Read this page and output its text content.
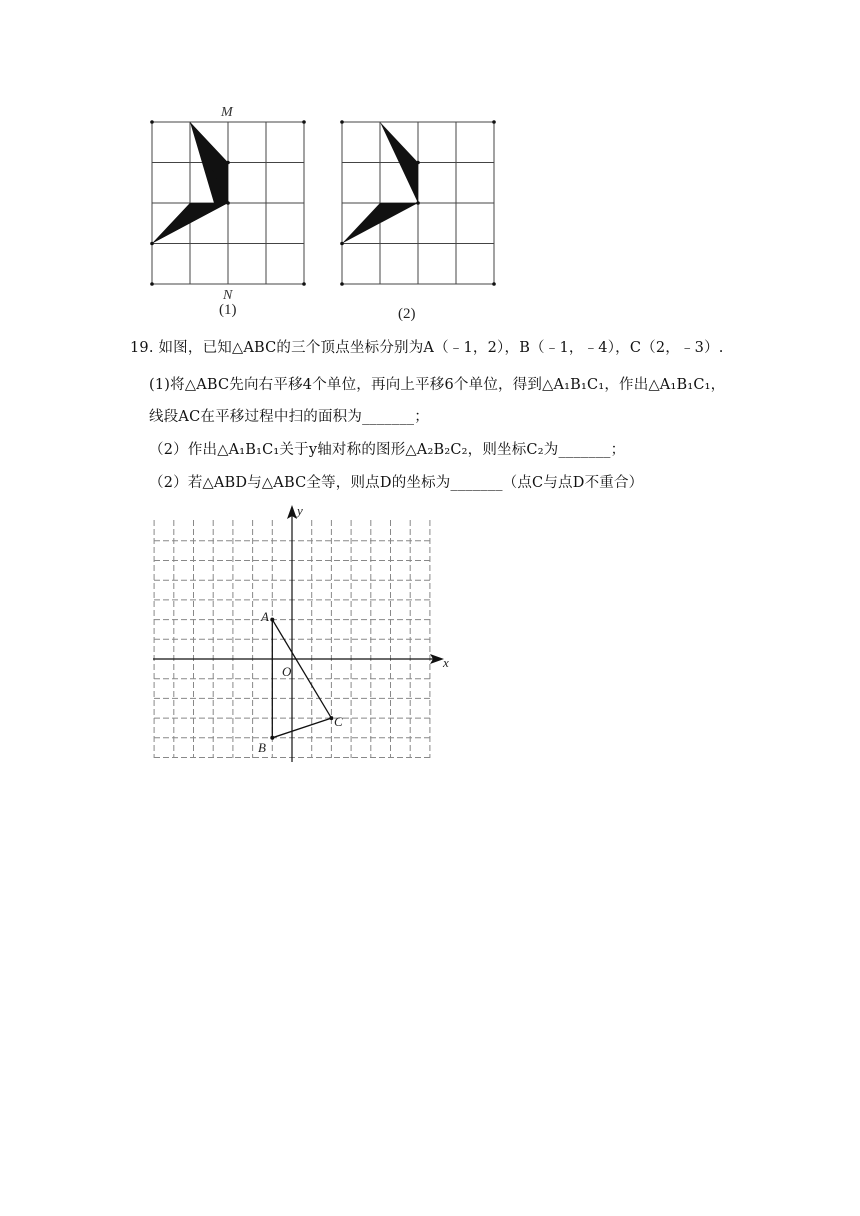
M
N
(1)	(2)
19. 如图，已知△ABC的三个顶点坐标分别为A（﹣1，2），B（﹣1，﹣4），C（2，﹣3）.
(1)将△ABC先向右平移4个单位，再向上平移6个单位，得到△A₁B₁C₁，作出△A₁B₁C₁，
线段AC在平移过程中扫的面积为_______；
（2）作出△A₁B₁C₁关于y轴对称的图形△A₂B₂C₂，则坐标C₂为_______；
（2）若△ABD与△ABC全等，则点D的坐标为_______（点C与点D不重合）
x
y
O
A
B
C
